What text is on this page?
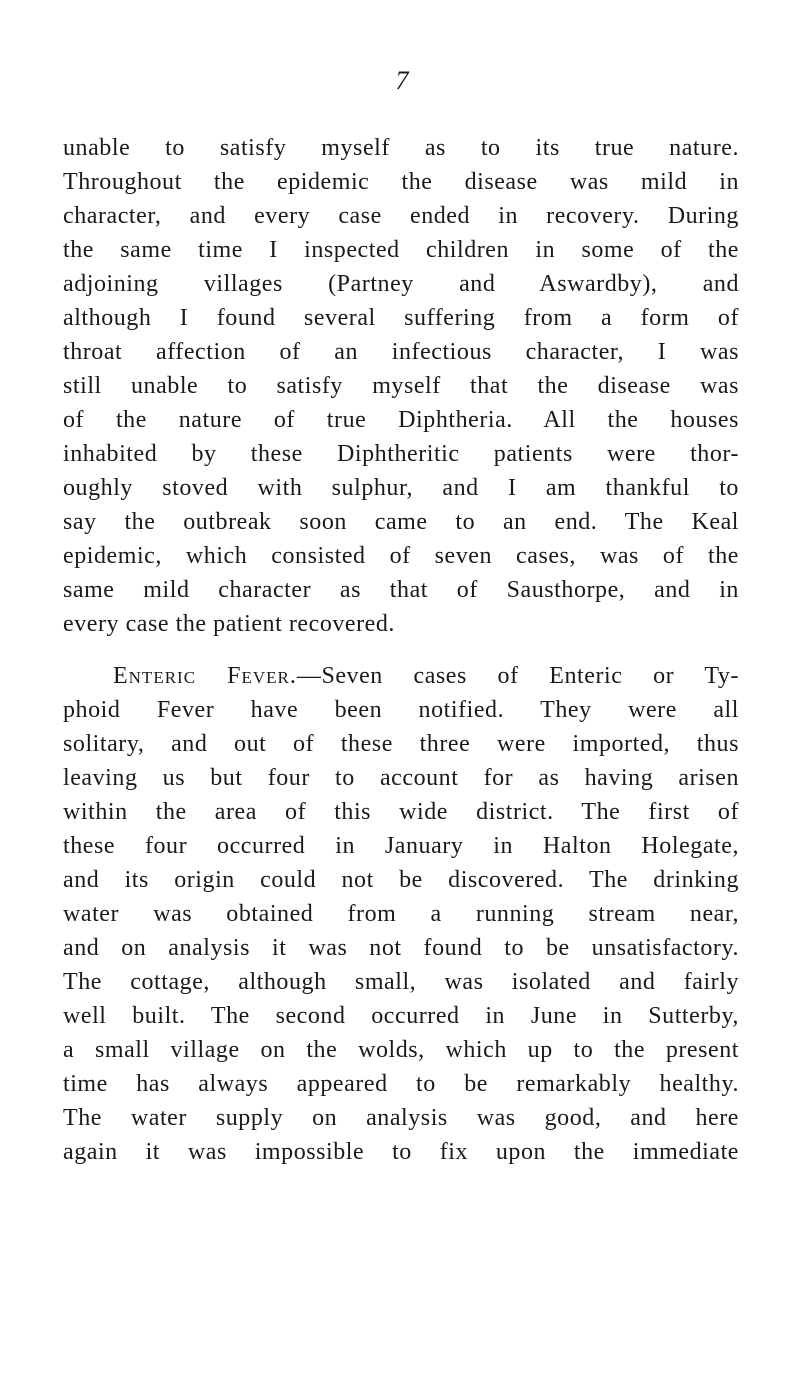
7
unable to satisfy myself as to its true nature.
Throughout the epidemic the disease was mild in
character, and every case ended in recovery. During
the same time I inspected children in some of the
adjoining villages (Partney and Aswardby), and
although I found several suffering from a form of
throat affection of an infectious character, I was
still unable to satisfy myself that the disease was
of the nature of true Diphtheria. All the houses
inhabited by these Diphtheritic patients were thor-
oughly stoved with sulphur, and I am thankful to
say the outbreak soon came to an end. The Keal
epidemic, which consisted of seven cases, was of the
same mild character as that of Sausthorpe, and in
every case the patient recovered.
Enteric Fever.—Seven cases of Enteric or Ty-
phoid Fever have been notified. They were all
solitary, and out of these three were imported, thus
leaving us but four to account for as having arisen
within the area of this wide district. The first of
these four occurred in January in Halton Holegate,
and its origin could not be discovered. The drinking
water was obtained from a running stream near,
and on analysis it was not found to be unsatisfactory.
The cottage, although small, was isolated and fairly
well built. The second occurred in June in Sutterby,
a small village on the wolds, which up to the present
time has always appeared to be remarkably healthy.
The water supply on analysis was good, and here
again it was impossible to fix upon the immediate
